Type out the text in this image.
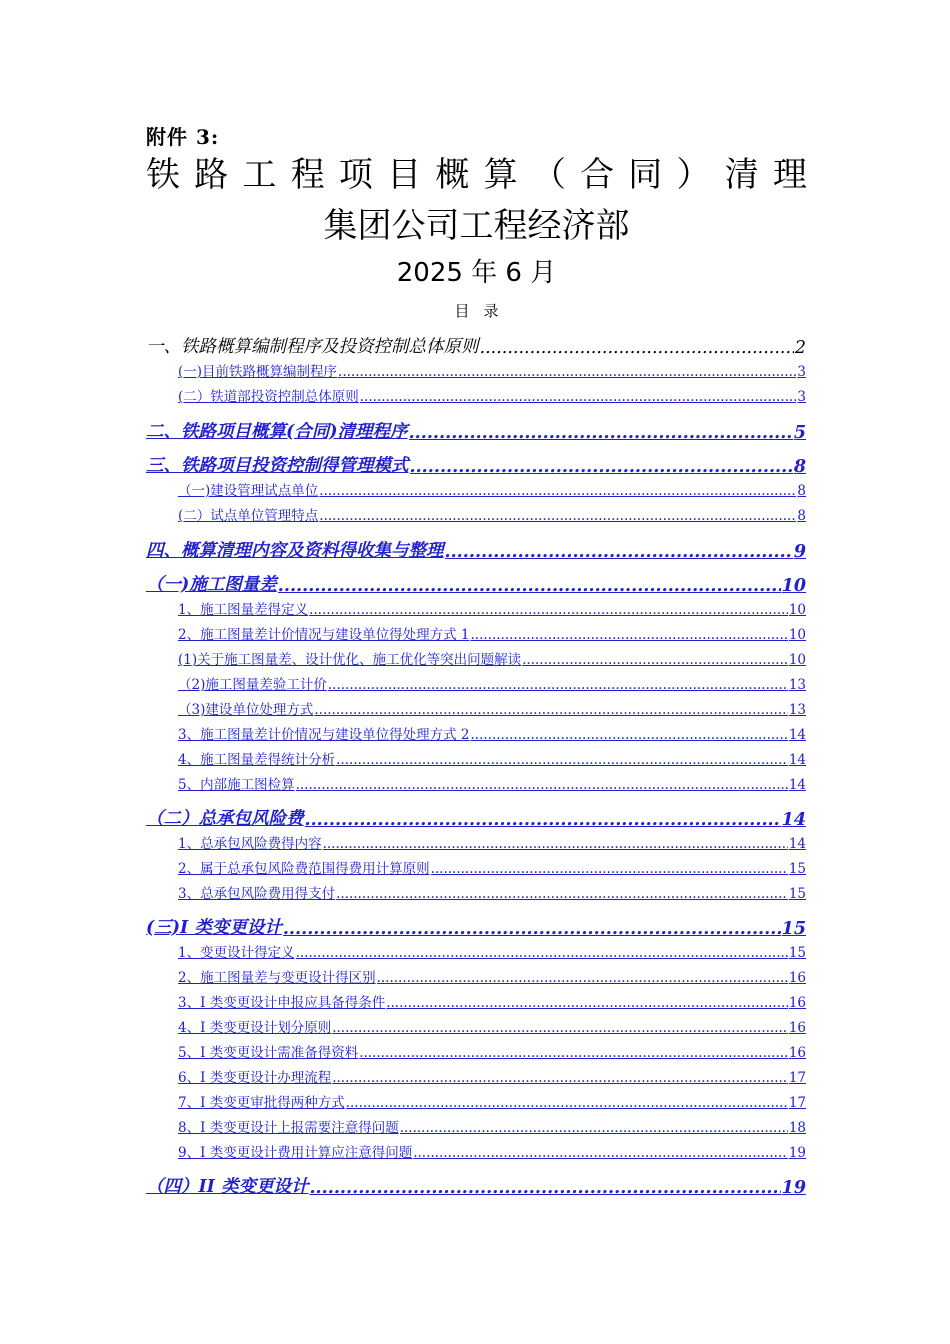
附件 3:
铁路工程项目概算（合同）清理
集团公司工程经济部
2025 年 6 月
目录
一、铁路概算编制程序及投资控制总体原则 .....	2
(一)目前铁路概算编制程序 .....	3
(二）铁道部投资控制总体原则 .....	3
二、铁路项目概算(合同)清理程序 .....	5
三、铁路项目投资控制得管理模式 .....	8
（一)建设管理试点单位 .....	8
(二）试点单位管理特点 .....	8
四、概算清理内容及资料得收集与整理 .....	9
（一)施工图量差 .....	10
1、施工图量差得定义 .....	10
2、施工图量差计价情况与建设单位得处理方式 1 .....	10
(1)关于施工图量差、设计优化、施工优化等突出问题解读 .....	10
（2)施工图量差验工计价 .....	13
（3)建设单位处理方式 .....	13
3、施工图量差计价情况与建设单位得处理方式 2 .....	14
4、施工图量差得统计分析 .....	14
5、内部施工图检算 .....	14
（二）总承包风险费 .....	14
1、总承包风险费得内容 .....	14
2、属于总承包风险费范围得费用计算原则 .....	15
3、总承包风险费用得支付 .....	15
(三)I 类变更设计 .....	15
1、变更设计得定义 .....	15
2、施工图量差与变更设计得区别 .....	16
3、I 类变更设计申报应具备得条件 .....	16
4、I 类变更设计划分原则 .....	16
5、I 类变更设计需准备得资料 .....	16
6、I 类变更设计办理流程 .....	17
7、I 类变更审批得两种方式 .....	17
8、I 类变更设计上报需要注意得问题 .....	18
9、I 类变更设计费用计算应注意得问题 .....	19
（四）II 类变更设计 .....	19
